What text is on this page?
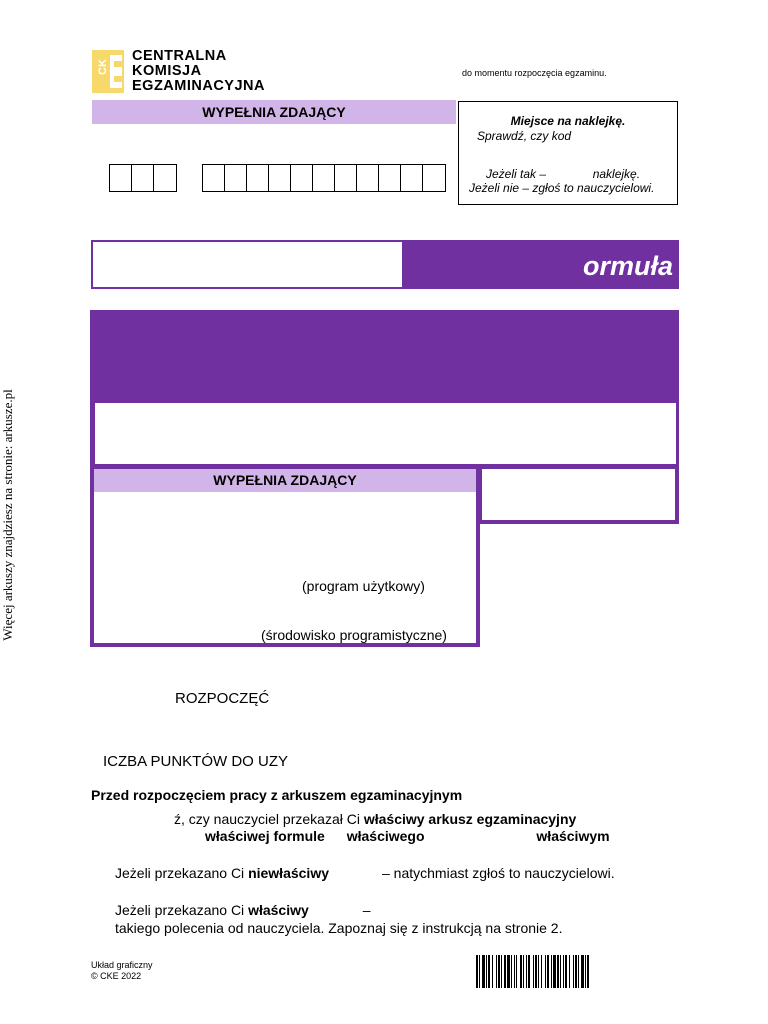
Więcej arkuszy znajdziesz na stronie: arkusze.pl
CK
CENTRALNA
KOMISJA
EGZAMINACYJNA
do momentu rozpoczęcia egzaminu.
WYPEŁNIA ZDAJĄCY
Miejsce na naklejkę.
Sprawdź, czy kod
Jeżeli tak –              naklejkę.
Jeżeli nie – zgłoś to nauczycielowi.
ormuła
WYPEŁNIA ZDAJĄCY
(program użytkowy)
(środowisko programistyczne)
ROZPOCZĘĆ
ICZBA PUNKTÓW DO UZY
Przed rozpoczęciem pracy z arkuszem egzaminacyjnym
ź, czy nauczyciel przekazał Ci właściwy arkusz egzaminacyjny
właściwej formule właściwego	właściwym
Jeżeli przekazano Ci niewłaściwy	– natychmiast zgłoś to nauczycielowi.
Jeżeli przekazano Ci właściwy	–
takiego polecenia od nauczyciela. Zapoznaj się z instrukcją na stronie 2.
Układ graficzny
© CKE 2022
